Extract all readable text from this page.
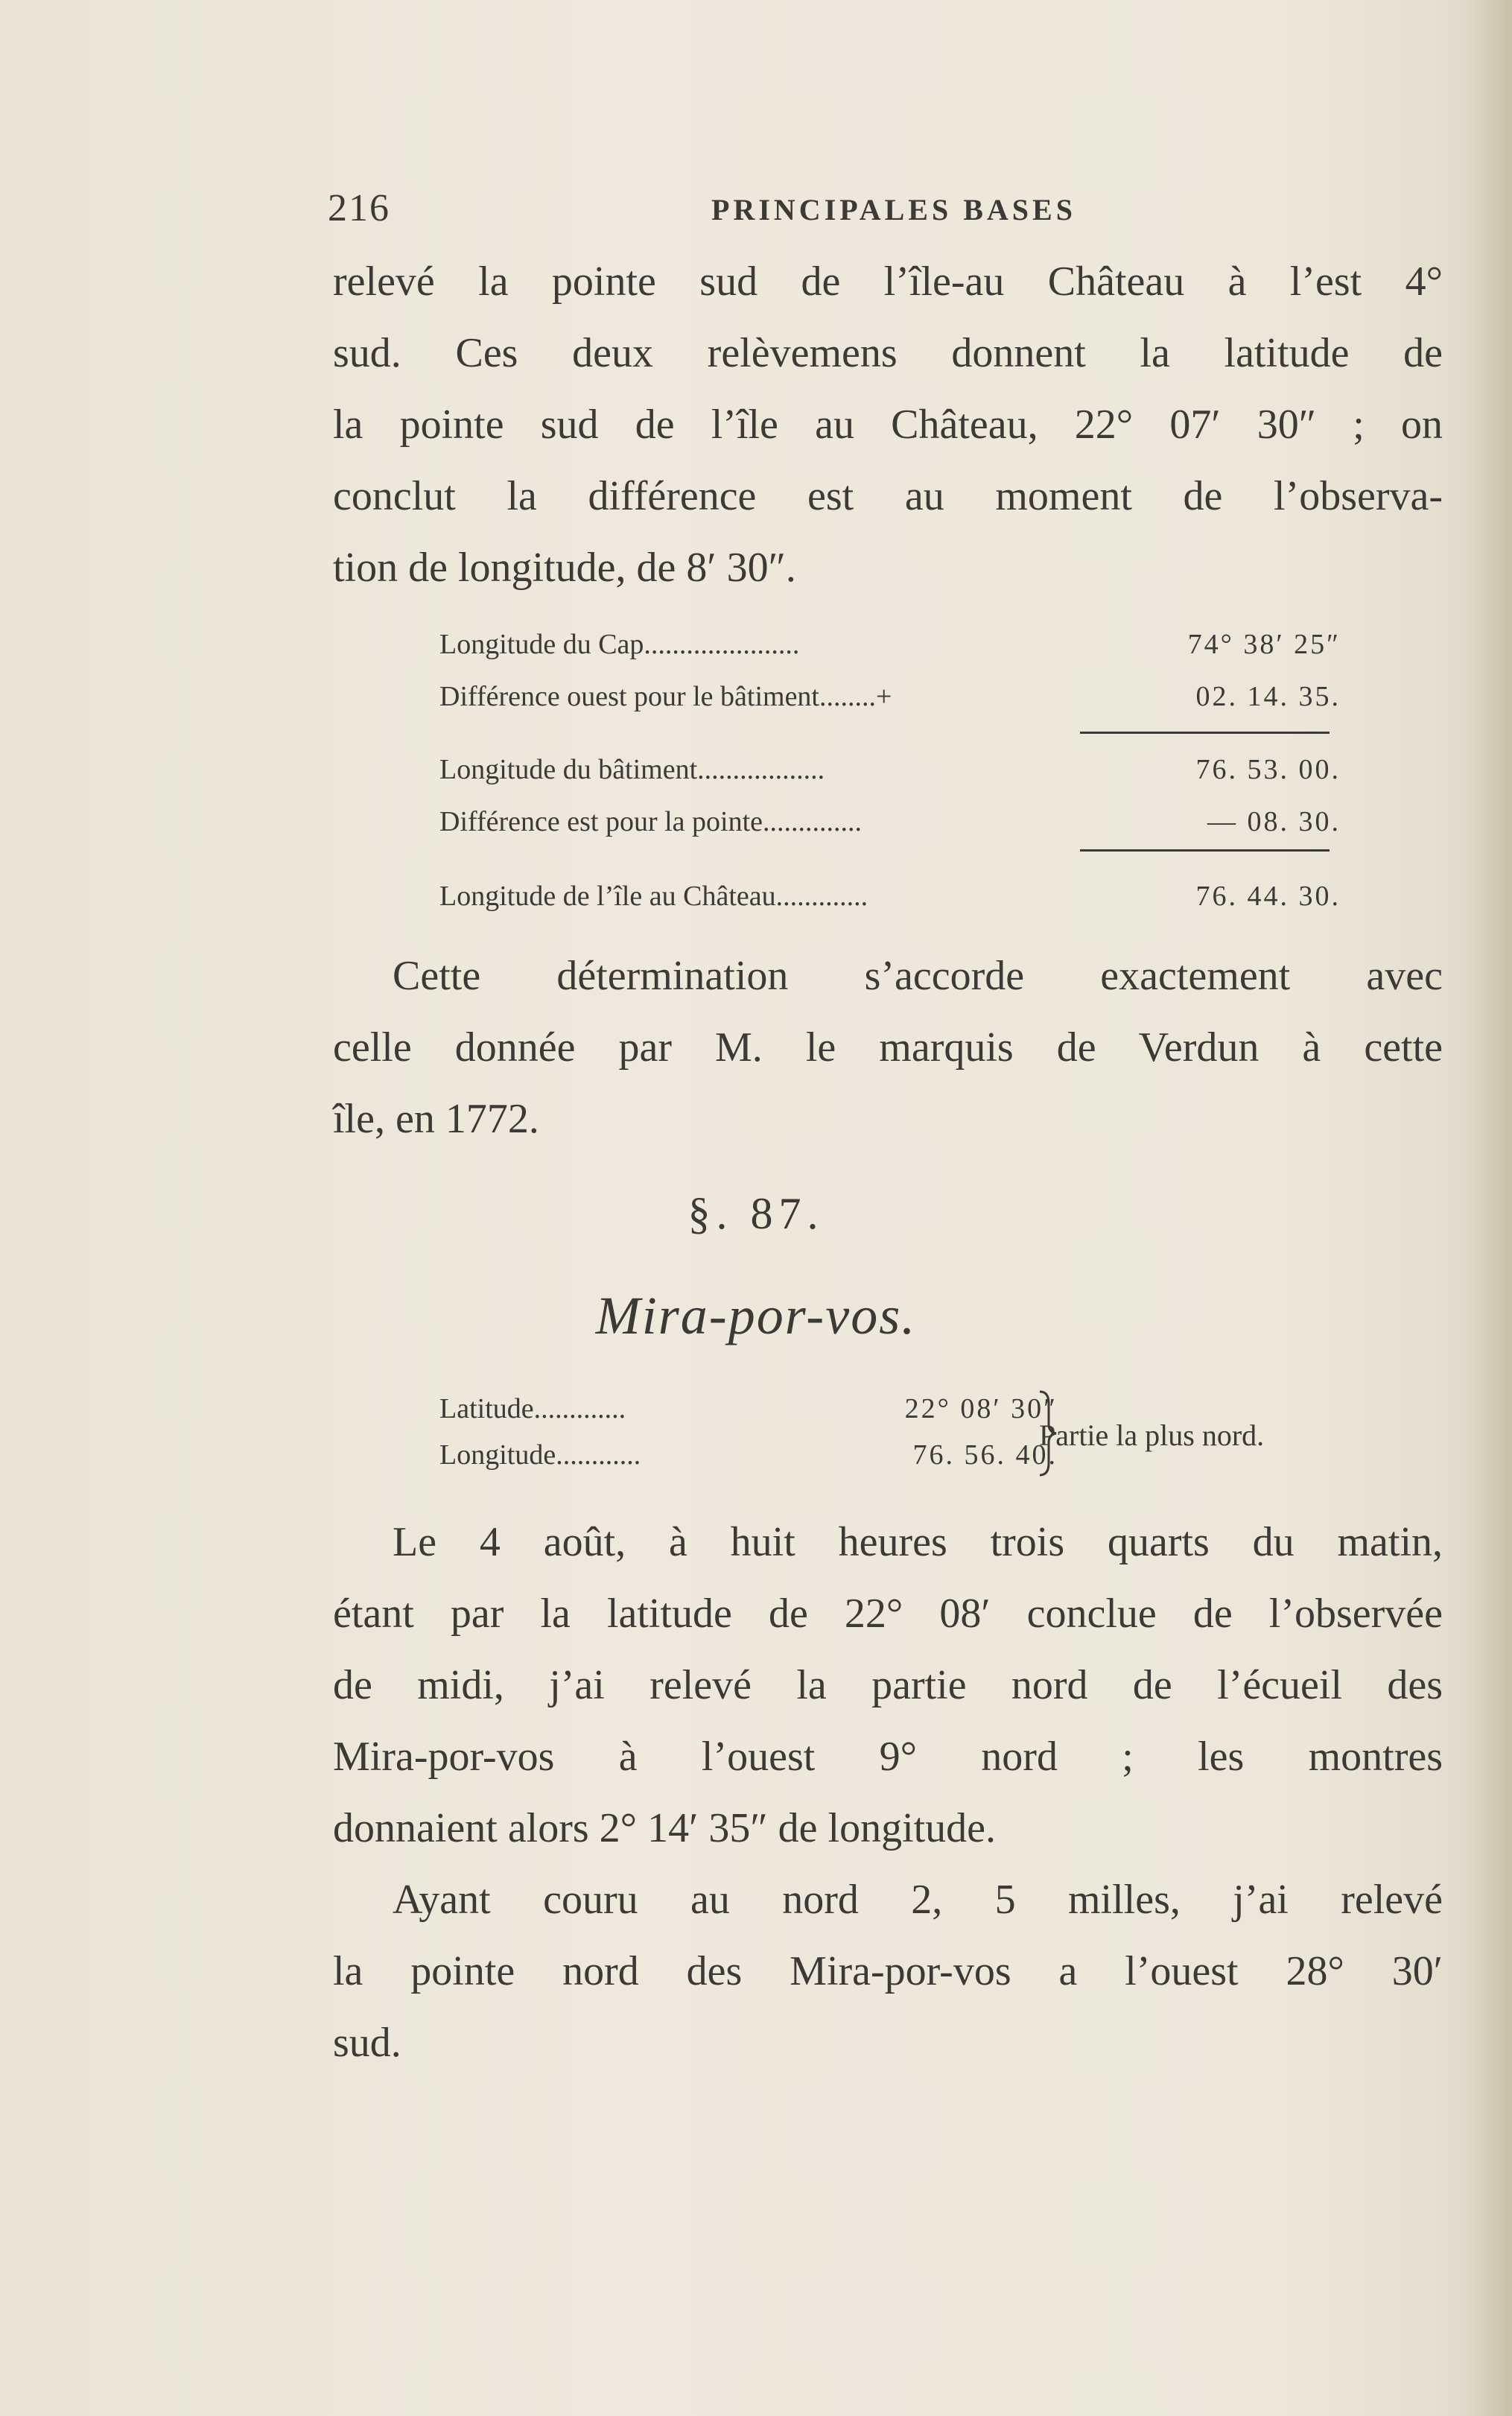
216	PRINCIPALES BASES
relevé la pointe sud de l’île-au Château à l’est 4°
sud. Ces deux relèvemens donnent la latitude de
la pointe sud de l’île au Château, 22° 07′ 30″ ; on
conclut la différence est au moment de l’observa-
tion de longitude, de 8′ 30″.
Longitude du Cap......................	74° 38′ 25″
Différence ouest pour le bâtiment........+	02. 14. 35.
Longitude du bâtiment..................	76. 53. 00.
Différence est pour la pointe..............	— 08. 30.
Longitude de l’île au Château.............	76. 44. 30.
Cette détermination s’accorde exactement avec
celle donnée par M. le marquis de Verdun à cette
île, en 1772.
§. 87.
Mira-por-vos.
Latitude.............	22° 08′ 30″
Longitude............	76. 56. 40.
Partie la plus nord.
Le 4 août, à huit heures trois quarts du matin,
étant par la latitude de 22° 08′ conclue de l’observée
de midi, j’ai relevé la partie nord de l’écueil des
Mira-por-vos à l’ouest 9° nord ; les montres
donnaient alors 2° 14′ 35″ de longitude.
Ayant couru au nord 2, 5 milles, j’ai relevé
la pointe nord des Mira-por-vos a l’ouest 28° 30′
sud.
